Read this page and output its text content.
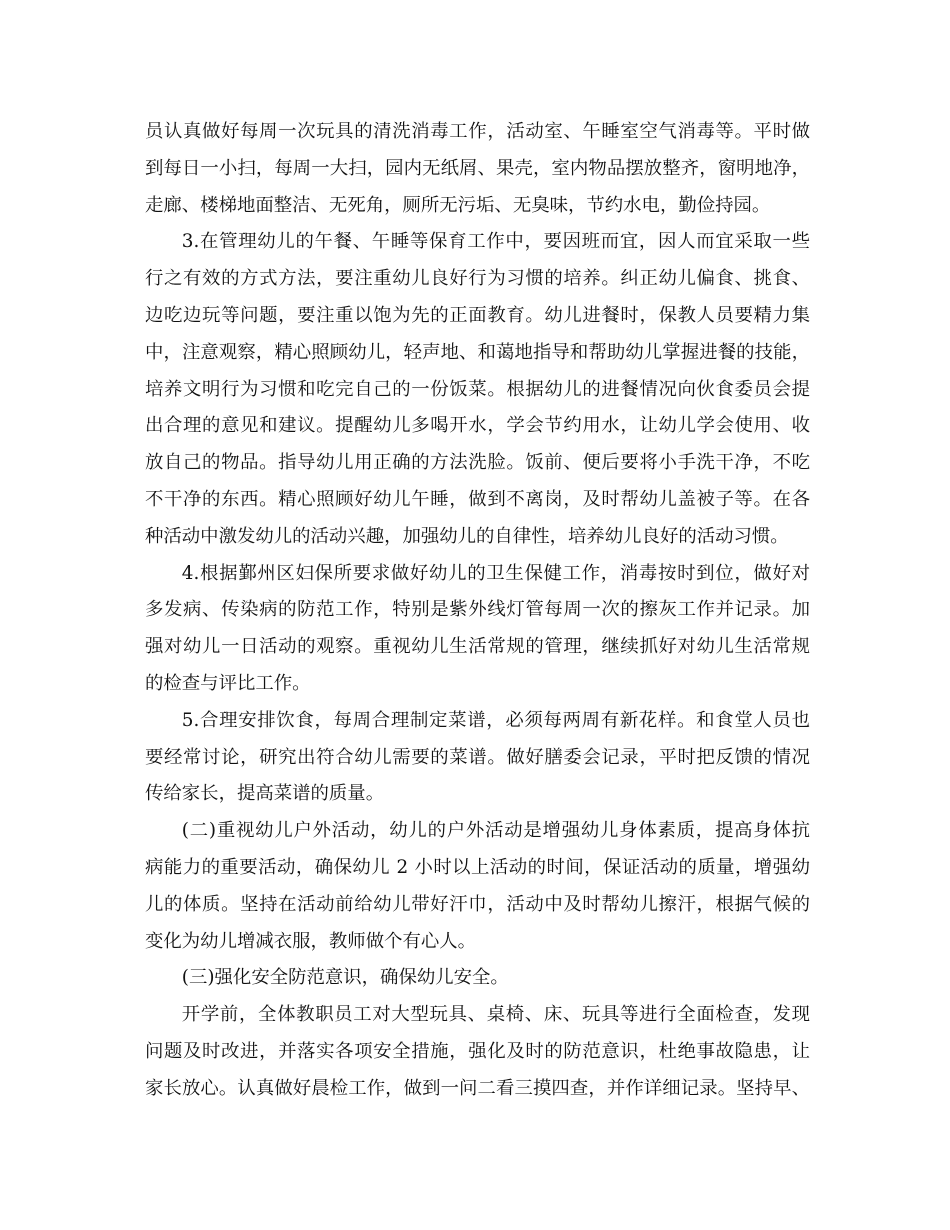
员认真做好每周一次玩具的清洗消毒工作，活动室、午睡室空气消毒等。平时做
到每日一小扫，每周一大扫，园内无纸屑、果壳，室内物品摆放整齐，窗明地净，
走廊、楼梯地面整洁、无死角，厕所无污垢、无臭味，节约水电，勤俭持园。
3.在管理幼儿的午餐、午睡等保育工作中，要因班而宜，因人而宜采取一些
行之有效的方式方法，要注重幼儿良好行为习惯的培养。纠正幼儿偏食、挑食、
边吃边玩等问题，要注重以饱为先的正面教育。幼儿进餐时，保教人员要精力集
中，注意观察，精心照顾幼儿，轻声地、和蔼地指导和帮助幼儿掌握进餐的技能，
培养文明行为习惯和吃完自己的一份饭菜。根据幼儿的进餐情况向伙食委员会提
出合理的意见和建议。提醒幼儿多喝开水，学会节约用水，让幼儿学会使用、收
放自己的物品。指导幼儿用正确的方法洗脸。饭前、便后要将小手洗干净，不吃
不干净的东西。精心照顾好幼儿午睡，做到不离岗，及时帮幼儿盖被子等。在各
种活动中激发幼儿的活动兴趣，加强幼儿的自律性，培养幼儿良好的活动习惯。
4.根据鄞州区妇保所要求做好幼儿的卫生保健工作，消毒按时到位，做好对
多发病、传染病的防范工作，特别是紫外线灯管每周一次的擦灰工作并记录。加
强对幼儿一日活动的观察。重视幼儿生活常规的管理，继续抓好对幼儿生活常规
的检查与评比工作。
5.合理安排饮食，每周合理制定菜谱，必须每两周有新花样。和食堂人员也
要经常讨论，研究出符合幼儿需要的菜谱。做好膳委会记录，平时把反馈的情况
传给家长，提高菜谱的质量。
(二)重视幼儿户外活动，幼儿的户外活动是增强幼儿身体素质，提高身体抗
病能力的重要活动，确保幼儿 2 小时以上活动的时间，保证活动的质量，增强幼
儿的体质。坚持在活动前给幼儿带好汗巾，活动中及时帮幼儿擦汗，根据气候的
变化为幼儿增减衣服，教师做个有心人。
(三)强化安全防范意识，确保幼儿安全。
开学前，全体教职员工对大型玩具、桌椅、床、玩具等进行全面检查，发现
问题及时改进，并落实各项安全措施，强化及时的防范意识，杜绝事故隐患，让
家长放心。认真做好晨检工作，做到一问二看三摸四查，并作详细记录。坚持早、
